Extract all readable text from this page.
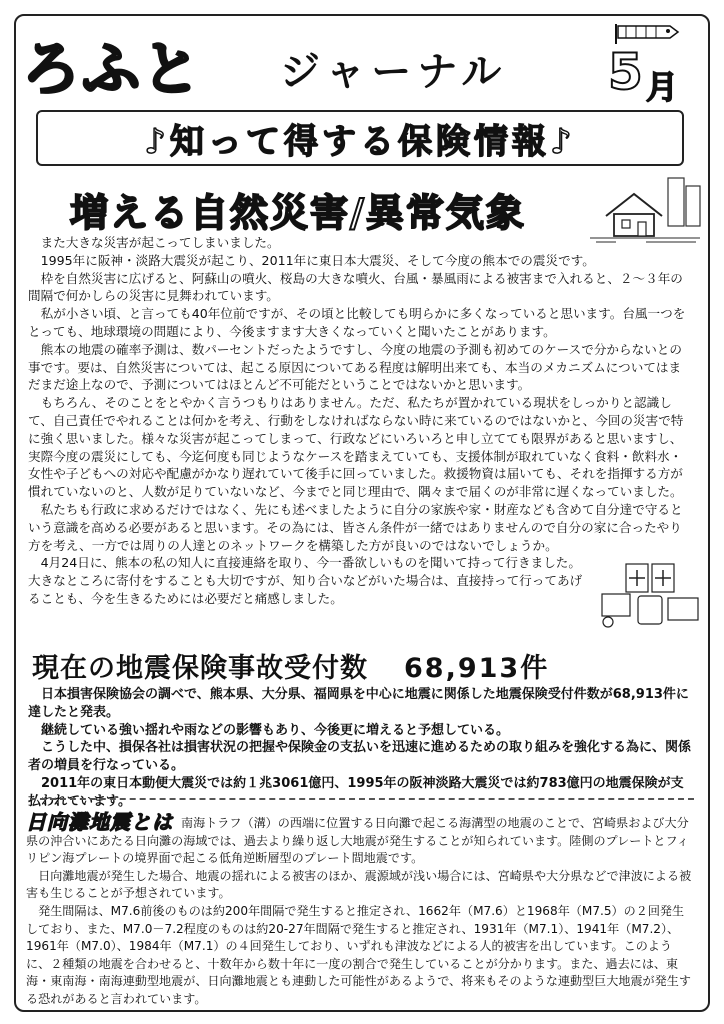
ろふと ジャーナル 5 月
♪知って得する保険情報♪
増える自然災害/異常気象

　また大きな災害が起こってしまいました。

　1995年に阪神・淡路大震災が起こり、2011年に東日本大震災、そして今度の熊本での震災です。

　枠を自然災害に広げると、阿蘇山の噴火、桜島の大きな噴火、台風・暴風雨による被害まで入れると、２～３年の間隔で何かしらの災害に見舞われています。

　私が小さい頃、と言っても40年位前ですが、その頃と比較しても明らかに多くなっていると思います。台風一つをとっても、地球環境の問題により、今後ますます大きくなっていくと聞いたことがあります。

　熊本の地震の確率予測は、数パーセントだったようですし、今度の地震の予測も初めてのケースで分からないとの事です。要は、自然災害については、起こる原因についてある程度は解明出来ても、本当のメカニズムについてはまだまだ途上なので、予測についてはほとんど不可能だということではないかと思います。

　もちろん、そのことをとやかく言うつもりはありません。ただ、私たちが置かれている現状をしっかりと認識して、自己責任でやれることは何かを考え、行動をしなければならない時に来ているのではないかと、今回の災害で特に強く思いました。様々な災害が起こってしまって、行政などにいろいろと申し立てても限界があると思いますし、実際今度の震災にしても、今迄何度も同じようなケースを踏まえていても、支援体制が取れていなく食料・飲料水・女性や子どもへの対応や配慮がかなり遅れていて後手に回っていました。救援物資は届いても、それを指揮する方が慣れていないのと、人数が足りていないなど、今までと同じ理由で、隅々まで届くのが非常に遅くなっていました。

　私たちも行政に求めるだけではなく、先にも述べましたように自分の家族や家・財産なども含めて自分達で守るという意識を高める必要があると思います。その為には、皆さん条件が一緒ではありませんので自分の家に合ったやり方を考え、一方では周りの人達とのネットワークを構築した方が良いのではないでしょうか。

　4月24日に、熊本の私の知人に直接連絡を取り、今一番欲しいものを聞いて持って行きました。大きなところに寄付をすることも大切ですが、知り合いなどがいた場合は、直接持って行ってあげることも、今を生きるためには必要だと痛感しました。

現在の地震保険事故受付数 68,913件

　日本損害保険協会の調べで、熊本県、大分県、福岡県を中心に地震に関係した地震保険受付件数が68,913件に達したと発表。

　継続している強い揺れや雨などの影響もあり、今後更に増えると予想している。

　こうした中、損保各社は損害状況の把握や保険金の支払いを迅速に進めるための取り組みを強化する為に、関係者の増員を行なっている。

　2011年の東日本動便大震災では約１兆3061億円、1995年の阪神淡路大震災では約783億円の地震保険が支払われています。

日向灘地震とは 南海トラフ（溝）の西端に位置する日向灘で起こる海溝型の地震のことで、宮崎県および大分県の沖合いにあたる日向灘の海域では、過去より繰り返し大地震が発生することが知られています。陸側のプレートとフィリピン海プレートの境界面で起こる低角逆断層型のプレート間地震です。

　日向灘地震が発生した場合、地震の揺れによる被害のほか、震源域が浅い場合には、宮崎県や大分県などで津波による被害も生じることが予想されています。

　発生間隔は、M7.6前後のものは約200年間隔で発生すると推定され、1662年（M7.6）と1968年（M7.5）の２回発生しており、また、M7.0－7.2程度のものは約20-27年間隔で発生すると推定され、1931年（M7.1）、1941年（M7.2）、1961年（M7.0）、1984年（M7.1）の４回発生しており、いずれも津波などによる人的被害を出しています。このように、２種類の地震を合わせると、十数年から数十年に一度の割合で発生していることが分かります。また、過去には、東海・東南海・南海連動型地震が、日向灘地震とも連動した可能性があるようで、将来もそのような連動型巨大地震が発生する恐れがあると言われています。
